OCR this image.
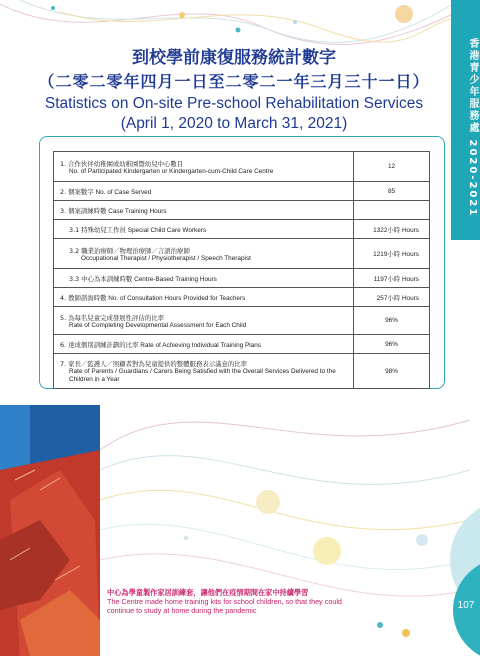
香港青少年服務處 2020-2021
到校學前康復服務統計數字
（二零二零年四月一日至二零二一年三月三十一日）
Statistics on On-site Pre-school Rehabilitation Services
(April 1, 2020 to March 31, 2021)
1. 合作伙伴幼稚園或幼稚園暨幼兒中心數目
No. of Participated Kindergarten or Kindergarten-cum-Child Care Centre	12
2. 個案數字 No. of Case Served	85
3. 個案訓練時數 Case Training Hours	
3.1 特殊幼兒工作員 Special Child Care Workers	1322小時 Hours
3.2 職業治療師／物理治療師／言語治療師
Occupational Therapist / Physiotherapist / Speech Therapist	1219小時 Hours
3.3 中心為本訓練時數 Centre-Based Training Hours	1197小時 Hours
4. 教師諮詢時數 No. of Consultation Hours Provided for Teachers	257小時 Hours
5. 為每名兒童完成發展性評估的比率
Rate of Completing Developmental Assessment for Each Child	96%
6. 達成個別訓練計劃的比率 Rate of Achieving Individual Training Plans	96%
7. 家長／監護人／照顧者對為兒童提供的整體服務表示滿意的比率
Rate of Parents / Guardians / Carers Being Satisfied with the Overall Services Delivered to the Children in a Year	98%
中心為學童製作家居訓練套，讓他們在疫情期間在家中持續學習
The Centre made home training kits for school children, so that they could continue to study at home during the pandemic	107
